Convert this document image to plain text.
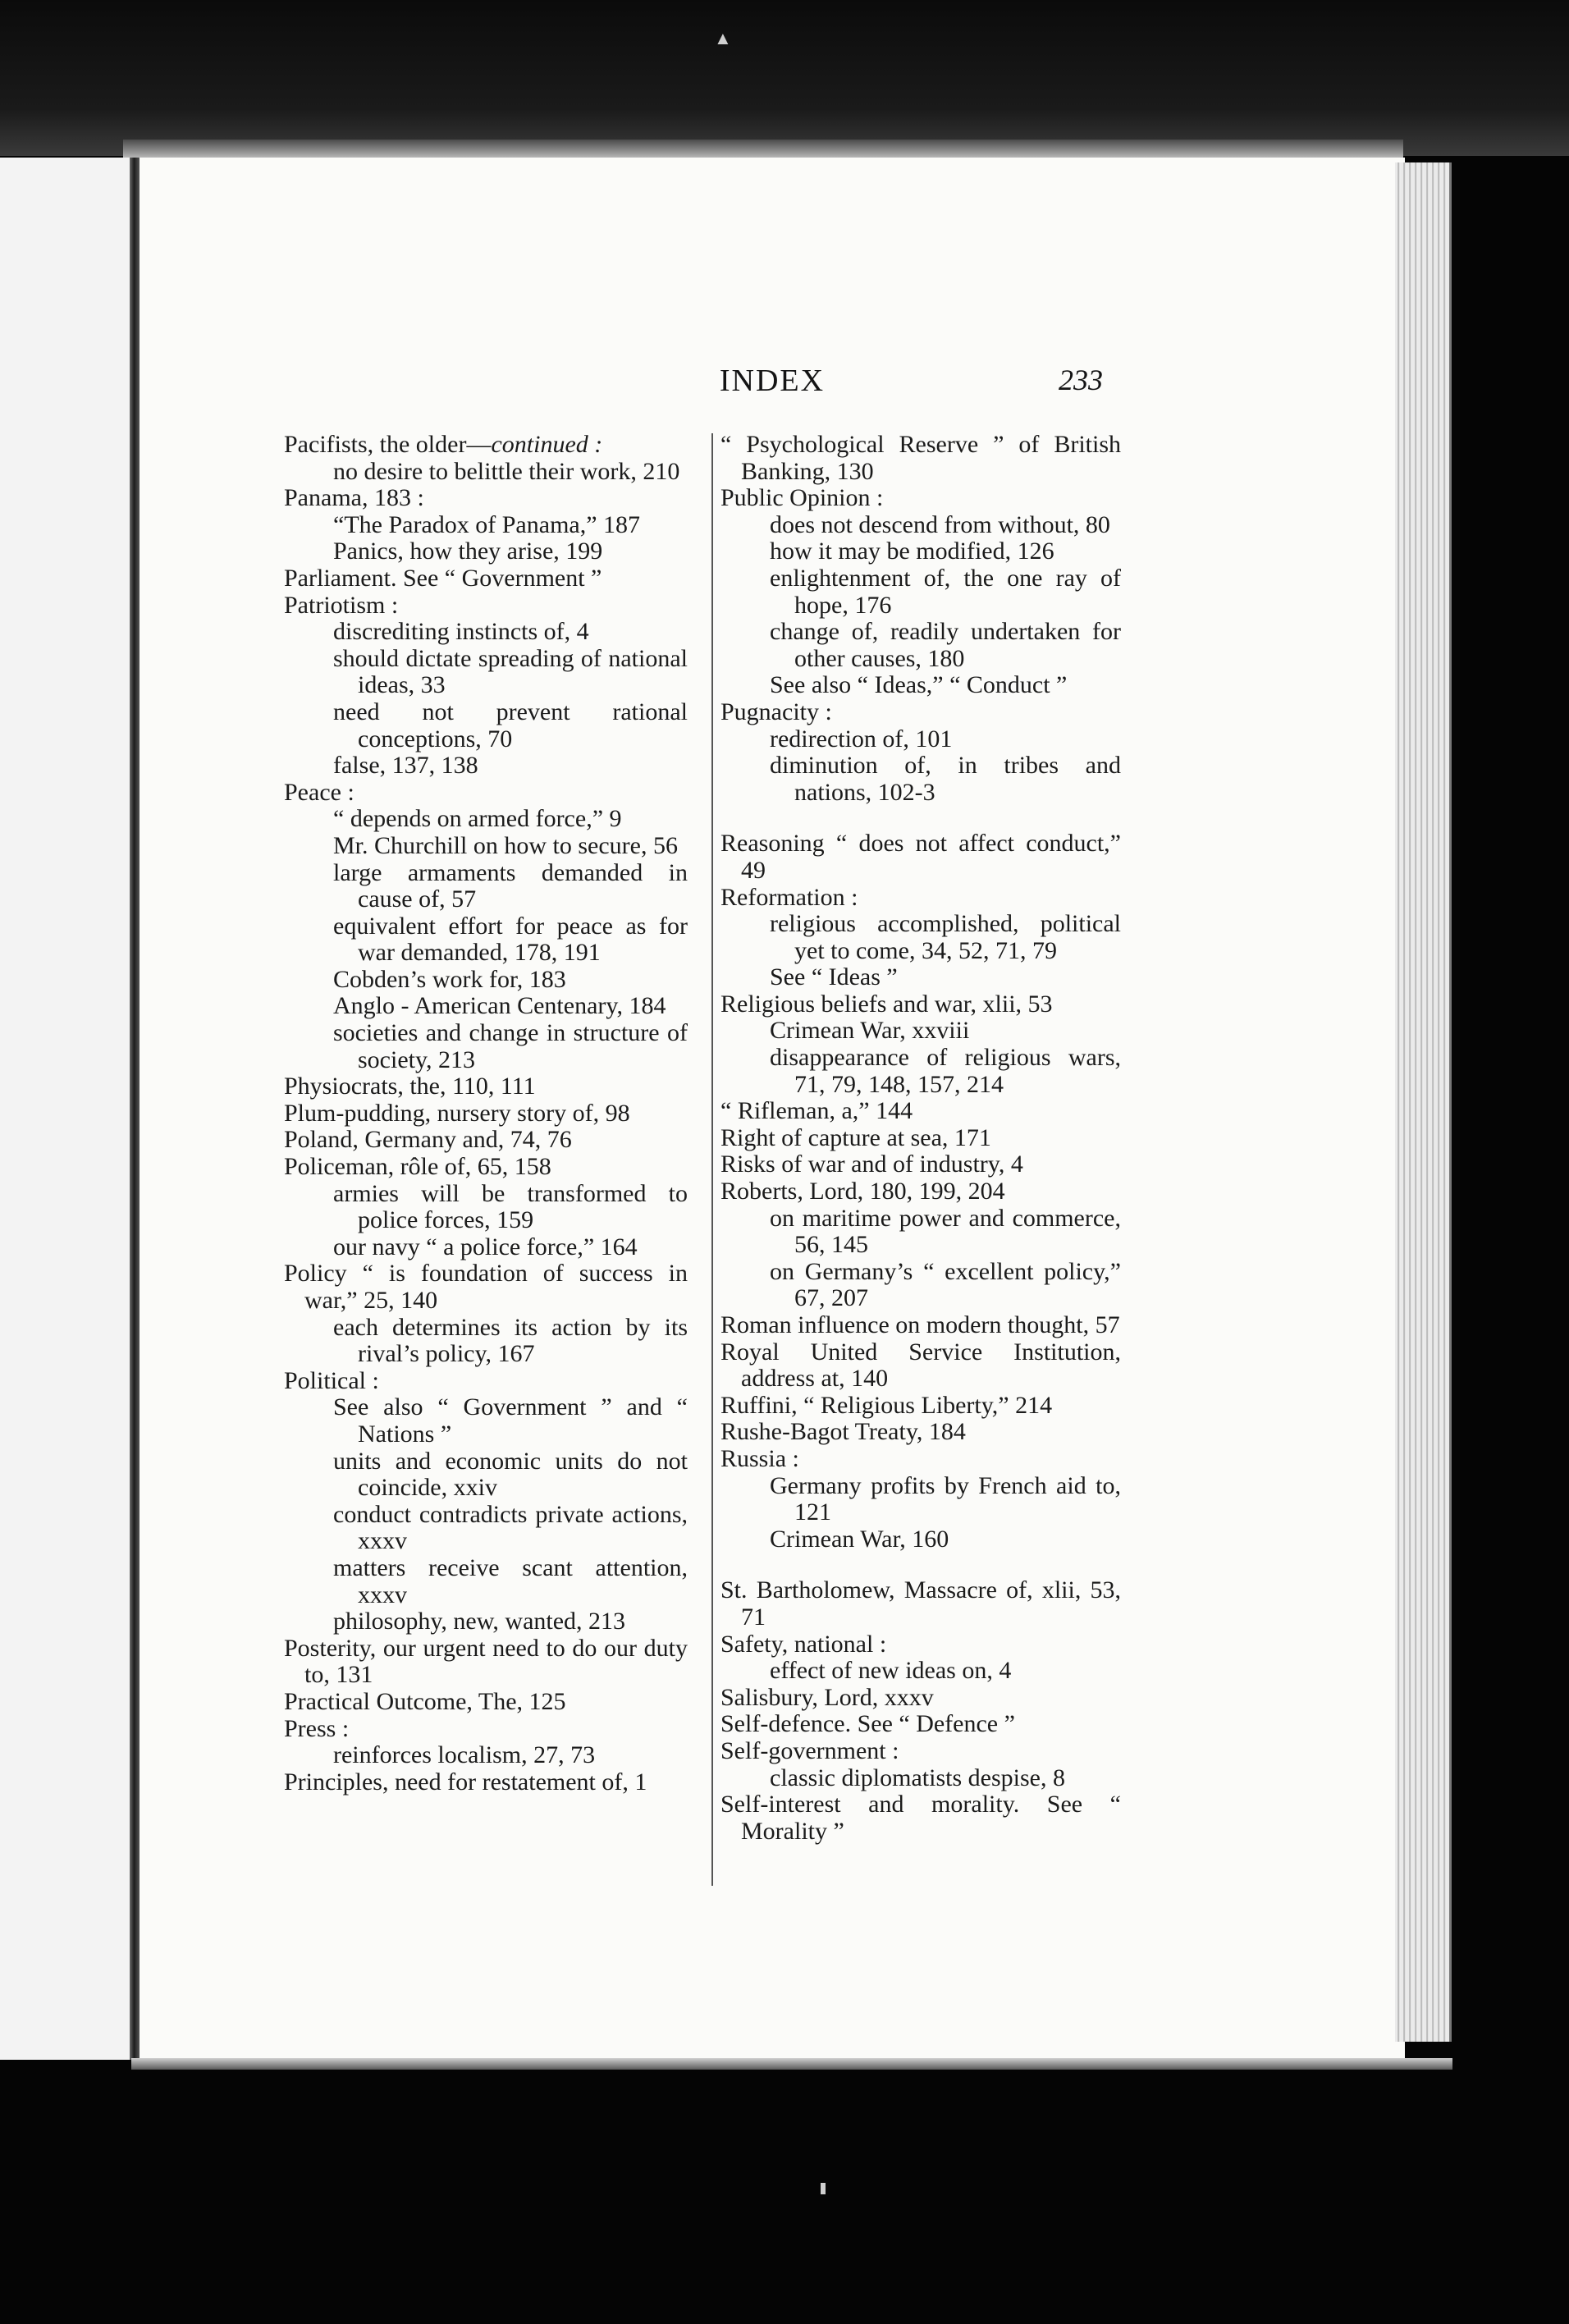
▲
INDEX	233
Pacifists, the older—continued :
no desire to belittle their work, 210
Panama, 183 :
“The Paradox of Panama,” 187
Panics, how they arise, 199
Parliament. See “ Government ”
Patriotism :
discrediting instincts of, 4
should dictate spreading of national ideas, 33
need not prevent rational conceptions, 70
false, 137, 138
Peace :
“ depends on armed force,” 9
Mr. Churchill on how to secure, 56
large armaments demanded in cause of, 57
equivalent effort for peace as for war demanded, 178, 191
Cobden’s work for, 183
Anglo - American Centenary, 184
societies and change in structure of society, 213
Physiocrats, the, 110, 111
Plum-pudding, nursery story of, 98
Poland, Germany and, 74, 76
Policeman, rôle of, 65, 158
armies will be transformed to police forces, 159
our navy “ a police force,” 164
Policy “ is foundation of success in war,” 25, 140
each determines its action by its rival’s policy, 167
Political :
See also “ Government ” and “ Nations ”
units and economic units do not coincide, xxiv
conduct contradicts private actions, xxxv
matters receive scant attention, xxxv
philosophy, new, wanted, 213
Posterity, our urgent need to do our duty to, 131
Practical Outcome, The, 125
Press :
reinforces localism, 27, 73
Principles, need for restatement of, 1
“ Psychological Reserve ” of British Banking, 130
Public Opinion :
does not descend from without, 80
how it may be modified, 126
enlightenment of, the one ray of hope, 176
change of, readily undertaken for other causes, 180
See also “ Ideas,” “ Conduct ”
Pugnacity :
redirection of, 101
diminution of, in tribes and nations, 102-3
Reasoning “ does not affect conduct,” 49
Reformation :
religious accomplished, political yet to come, 34, 52, 71, 79
See “ Ideas ”
Religious beliefs and war, xlii, 53
Crimean War, xxviii
disappearance of religious wars, 71, 79, 148, 157, 214
“ Rifleman, a,” 144
Right of capture at sea, 171
Risks of war and of industry, 4
Roberts, Lord, 180, 199, 204
on maritime power and commerce, 56, 145
on Germany’s “ excellent policy,” 67, 207
Roman influence on modern thought, 57
Royal United Service Institution, address at, 140
Ruffini, “ Religious Liberty,” 214
Rushe-Bagot Treaty, 184
Russia :
Germany profits by French aid to, 121
Crimean War, 160
St. Bartholomew, Massacre of, xlii, 53, 71
Safety, national :
effect of new ideas on, 4
Salisbury, Lord, xxxv
Self-defence. See “ Defence ”
Self-government :
classic diplomatists despise, 8
Self-interest and morality. See “ Morality ”
